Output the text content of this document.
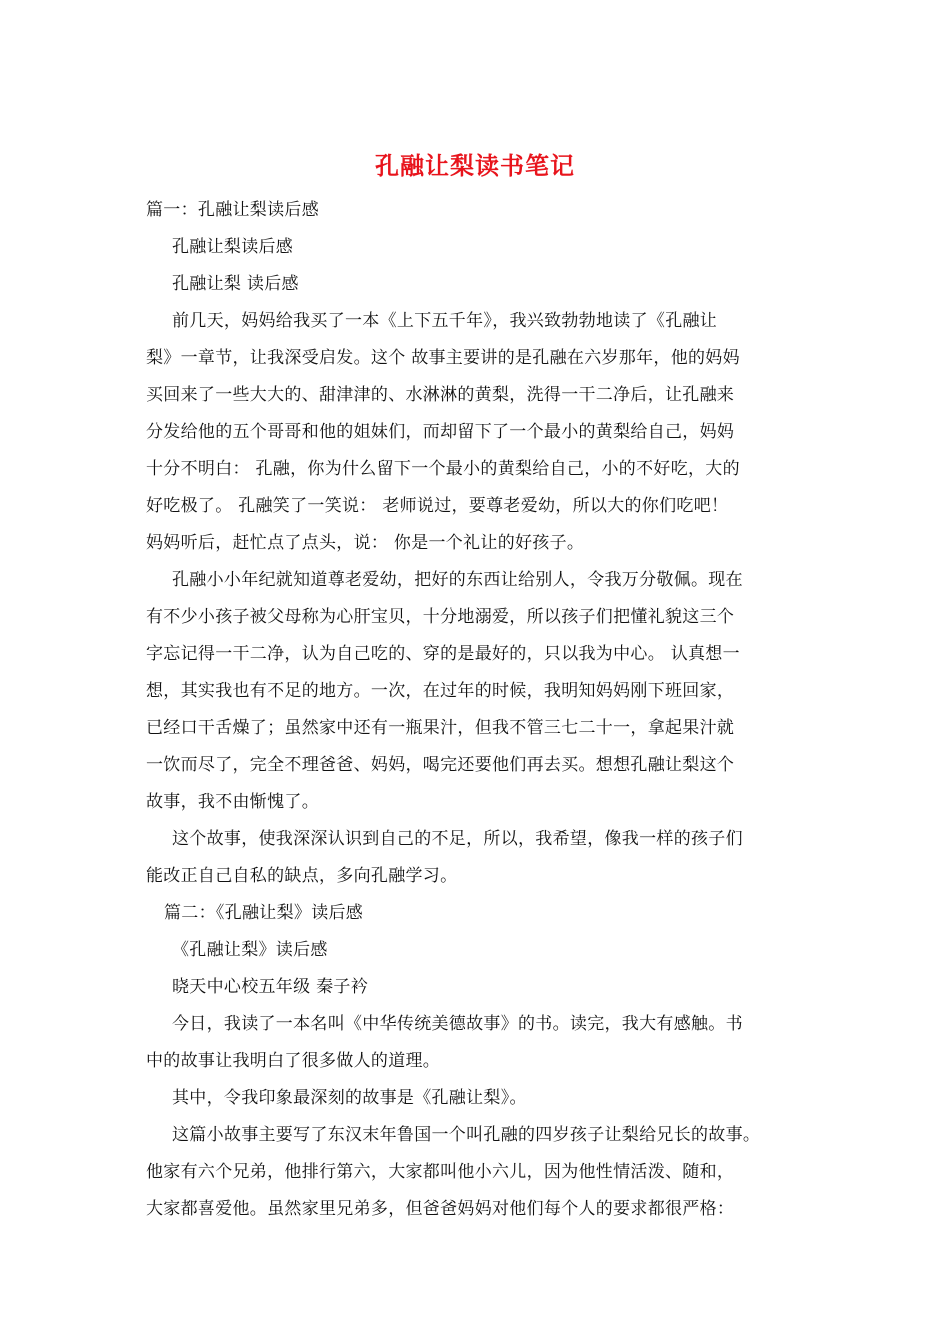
孔融让梨读书笔记
篇一：孔融让梨读后感
孔融让梨读后感
孔融让梨 读后感
前几天，妈妈给我买了一本《上下五千年》，我兴致勃勃地读了《孔融让
梨》一章节，让我深受启发。这个 故事主要讲的是孔融在六岁那年，他的妈妈
买回来了一些大大的、甜津津的、水淋淋的黄梨，洗得一干二净后，让孔融来
分发给他的五个哥哥和他的姐妹们，而却留下了一个最小的黄梨给自己，妈妈
十分不明白： 孔融，你为什么留下一个最小的黄梨给自己，小的不好吃，大的
好吃极了。 孔融笑了一笑说： 老师说过，要尊老爱幼，所以大的你们吃吧！
妈妈听后，赶忙点了点头，说： 你是一个礼让的好孩子。
孔融小小年纪就知道尊老爱幼，把好的东西让给别人，令我万分敬佩。现在
有不少小孩子被父母称为心肝宝贝，十分地溺爱，所以孩子们把懂礼貌这三个
字忘记得一干二净，认为自己吃的、穿的是最好的，只以我为中心。 认真想一
想，其实我也有不足的地方。一次，在过年的时候，我明知妈妈刚下班回家，
已经口干舌燥了；虽然家中还有一瓶果汁，但我不管三七二十一，拿起果汁就
一饮而尽了，完全不理爸爸、妈妈，喝完还要他们再去买。想想孔融让梨这个
故事，我不由惭愧了。
这个故事，使我深深认识到自己的不足，所以，我希望，像我一样的孩子们
能改正自己自私的缺点，多向孔融学习。
篇二：《孔融让梨》读后感
《孔融让梨》读后感
晓天中心校五年级 秦子衿
今日，我读了一本名叫《中华传统美德故事》的书。读完，我大有感触。书
中的故事让我明白了很多做人的道理。
其中，令我印象最深刻的故事是《孔融让梨》。
这篇小故事主要写了东汉末年鲁国一个叫孔融的四岁孩子让梨给兄长的故事。
他家有六个兄弟，他排行第六，大家都叫他小六儿，因为他性情活泼、随和，
大家都喜爱他。虽然家里兄弟多，但爸爸妈妈对他们每个人的要求都很严格：
